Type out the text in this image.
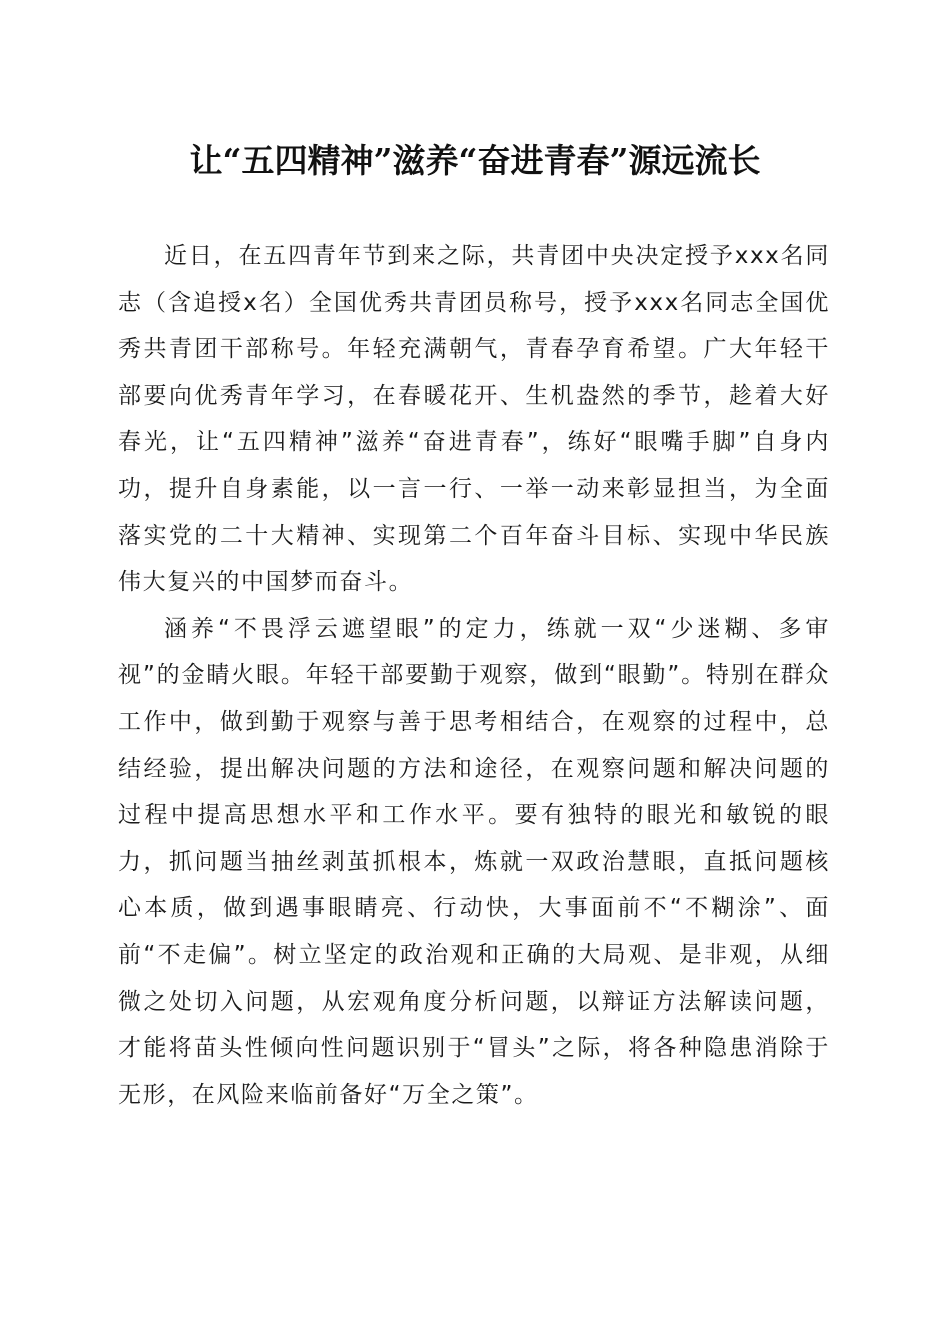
让“五四精神”滋养“奋进青春”源远流长

近日，在五四青年节到来之际，共青团中央决定授予xxx名同志（含追授x名）全国优秀共青团员称号，授予xxx名同志全国优秀共青团干部称号。年轻充满朝气，青春孕育希望。广大年轻干部要向优秀青年学习，在春暖花开、生机盎然的季节，趁着大好春光，让“五四精神”滋养“奋进青春”，练好“眼嘴手脚”自身内功，提升自身素能，以一言一行、一举一动来彰显担当，为全面落实党的二十大精神、实现第二个百年奋斗目标、实现中华民族伟大复兴的中国梦而奋斗。

涵养“不畏浮云遮望眼”的定力，练就一双“少迷糊、多审视”的金睛火眼。年轻干部要勤于观察，做到“眼勤”。特别在群众工作中，做到勤于观察与善于思考相结合，在观察的过程中，总结经验，提出解决问题的方法和途径，在观察问题和解决问题的过程中提高思想水平和工作水平。要有独特的眼光和敏锐的眼力，抓问题当抽丝剥茧抓根本，炼就一双政治慧眼，直抵问题核心本质，做到遇事眼睛亮、行动快，大事面前不“不糊涂”、面前“不走偏”。树立坚定的政治观和正确的大局观、是非观，从细微之处切入问题，从宏观角度分析问题，以辩证方法解读问题，才能将苗头性倾向性问题识别于“冒头”之际，将各种隐患消除于无形，在风险来临前备好“万全之策”。
